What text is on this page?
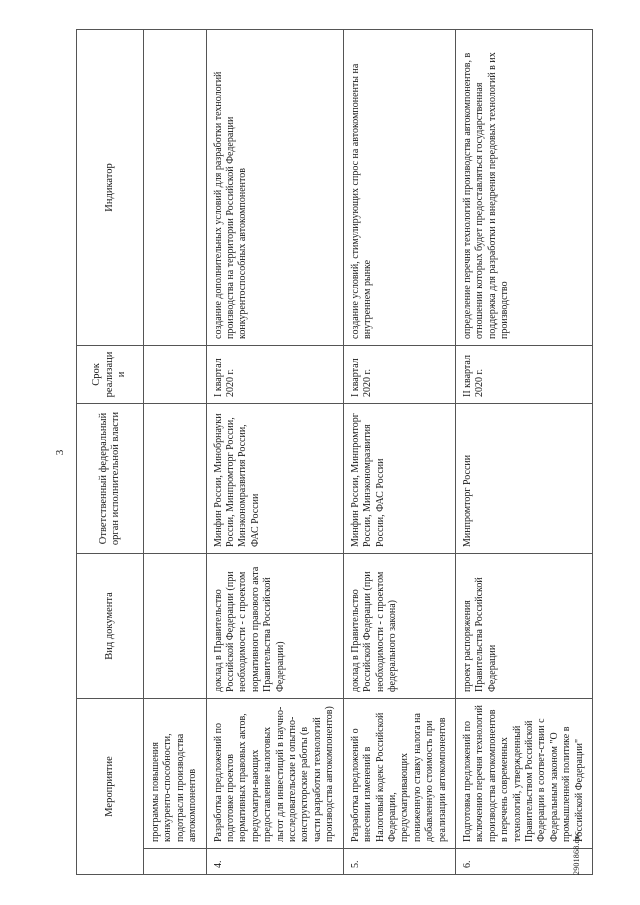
3
Мероприятие		Вид документа	Ответственный федеральный орган исполнительной власти	Срок реализации	Индикатор
	программы повышения конкуренто-способности, подотрасли производства автокомпонентов				
4.	Разработка предложений по подготовке проектов нормативных правовых актов, предусматри-вающих предоставление налоговых льгот для инвестиций в научно-исследовательские и опытно-конструкторские работы (в части разработки технологий производства автокомпонентов)	доклад в Правительство Российской Федерации (при необходимости - с проектом нормативного правового акта Правительства Российской Федерации)	Минфин России, Минобрнауки России, Минпромторг России, Минэкономразвития России, ФАС России	I квартал 2020 г.	создание дополнительных условий для разработки технологий производства на территории Российской Федерации конкурентоспособных автокомпонентов
5.	Разработка предложений о внесении изменений в Налоговый кодекс Российской Федерации, предусматривающих пониженную ставку налога на добавленную стоимость при реализации автокомпонентов	доклад в Правительство Российской Федерации (при необходимости - с проектом федерального закона)	Минфин России, Минпромторг России, Минэкономразвития России, ФАС России	I квартал 2020 г.	создание условий, стимулирующих спрос на автокомпоненты на внутреннем рынке
6.	Подготовка предложений по включению перечня технологий производства автокомпонентов в перечень современных технологий, утвержденный Правительством Российской Федерации в соответ-ствии с Федеральным законом "О промышленной политике в Российской Федерации"	проект распоряжения Правительства Российской Федерации	Минпромторг России	II квартал 2020 г.	определение перечня технологий производства автокомпонентов, в отношении которых будет предоставляться государственная поддержка для разработки и внедрения передовых технологий в их производство
2901868.doc
